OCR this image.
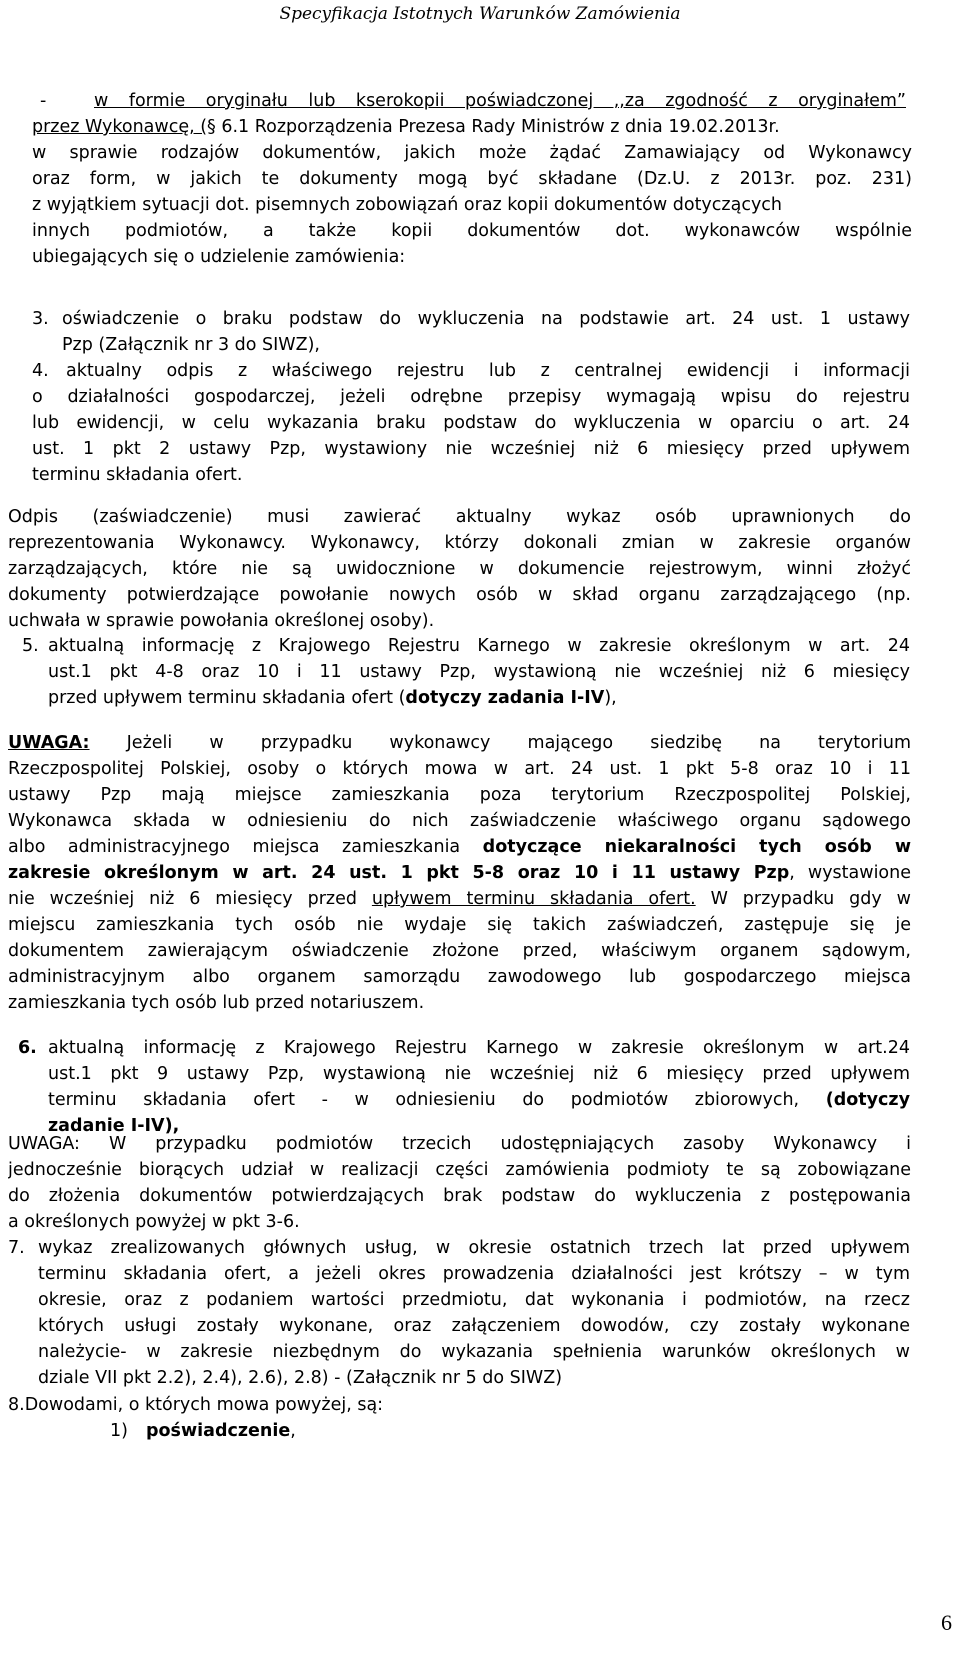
Specyfikacja Istotnych Warunków Zamówienia
-	w formie oryginału lub kserokopii poświadczonej ,,za zgodność z oryginałem”
przez Wykonawcę, (§ 6.1 Rozporządzenia Prezesa Rady Ministrów z dnia 19.02.2013r.
w sprawie rodzajów dokumentów, jakich może żądać Zamawiający od Wykonawcy
oraz form, w jakich te dokumenty mogą być składane (Dz.U. z 2013r. poz. 231)
z wyjątkiem sytuacji dot. pisemnych zobowiązań oraz kopii dokumentów dotyczących
innych podmiotów, a także kopii dokumentów dot. wykonawców wspólnie
ubiegających się o udzielenie zamówienia:
3. oświadczenie o braku podstaw do wykluczenia na podstawie art. 24 ust. 1 ustawy
Pzp (Załącznik nr 3 do SIWZ),
4. aktualny odpis z właściwego rejestru lub z centralnej ewidencji i informacji
o działalności gospodarczej, jeżeli odrębne przepisy wymagają wpisu do rejestru
lub ewidencji, w celu wykazania braku podstaw do wykluczenia w oparciu o art. 24
ust. 1 pkt 2 ustawy Pzp, wystawiony nie wcześniej niż 6 miesięcy przed upływem
terminu składania ofert.
Odpis (zaświadczenie) musi zawierać aktualny wykaz osób uprawnionych do
reprezentowania Wykonawcy. Wykonawcy, którzy dokonali zmian w zakresie organów
zarządzających, które nie są uwidocznione w dokumencie rejestrowym, winni złożyć
dokumenty potwierdzające powołanie nowych osób w skład organu zarządzającego (np.
uchwała w sprawie powołania określonej osoby).
5. aktualną informację z Krajowego Rejestru Karnego w zakresie określonym w art. 24
ust.1 pkt 4-8 oraz 10 i 11 ustawy Pzp, wystawioną nie wcześniej niż 6 miesięcy
przed upływem terminu składania ofert (dotyczy zadania I-IV),
UWAGA: Jeżeli w przypadku wykonawcy mającego siedzibę na terytorium
Rzeczpospolitej Polskiej, osoby o których mowa w art. 24 ust. 1 pkt 5-8 oraz 10 i 11
ustawy Pzp mają miejsce zamieszkania poza terytorium Rzeczpospolitej Polskiej,
Wykonawca składa w odniesieniu do nich zaświadczenie właściwego organu sądowego
albo administracyjnego miejsca zamieszkania dotyczące niekaralności tych osób w
zakresie określonym w art. 24 ust. 1 pkt 5-8 oraz 10 i 11 ustawy Pzp, wystawione
nie wcześniej niż 6 miesięcy przed upływem terminu składania ofert. W przypadku gdy w
miejscu zamieszkania tych osób nie wydaje się takich zaświadczeń, zastępuje się je
dokumentem zawierającym oświadczenie złożone przed, właściwym organem sądowym,
administracyjnym albo organem samorządu zawodowego lub gospodarczego miejsca
zamieszkania tych osób lub przed notariuszem.
6. aktualną informację z Krajowego Rejestru Karnego w zakresie określonym w art.24
ust.1 pkt 9 ustawy Pzp, wystawioną nie wcześniej niż 6 miesięcy przed upływem
terminu składania ofert - w odniesieniu do podmiotów zbiorowych, (dotyczy
zadanie I-IV),
UWAGA: W przypadku podmiotów trzecich udostępniających zasoby Wykonawcy i
jednocześnie biorących udział w realizacji części zamówienia podmioty te są zobowiązane
do złożenia dokumentów potwierdzających brak podstaw do wykluczenia z postępowania
a określonych powyżej w pkt 3-6.
7. wykaz zrealizowanych głównych usług, w okresie ostatnich trzech lat przed upływem
terminu składania ofert, a jeżeli okres prowadzenia działalności jest krótszy – w tym
okresie, oraz z podaniem wartości przedmiotu, dat wykonania i podmiotów, na rzecz
których usługi zostały wykonane, oraz załączeniem dowodów, czy zostały wykonane
należycie- w zakresie niezbędnym do wykazania spełnienia warunków określonych w
dziale VII pkt 2.2), 2.4), 2.6), 2.8) - (Załącznik nr 5 do SIWZ)
8.Dowodami, o których mowa powyżej, są:
1) poświadczenie,
6
